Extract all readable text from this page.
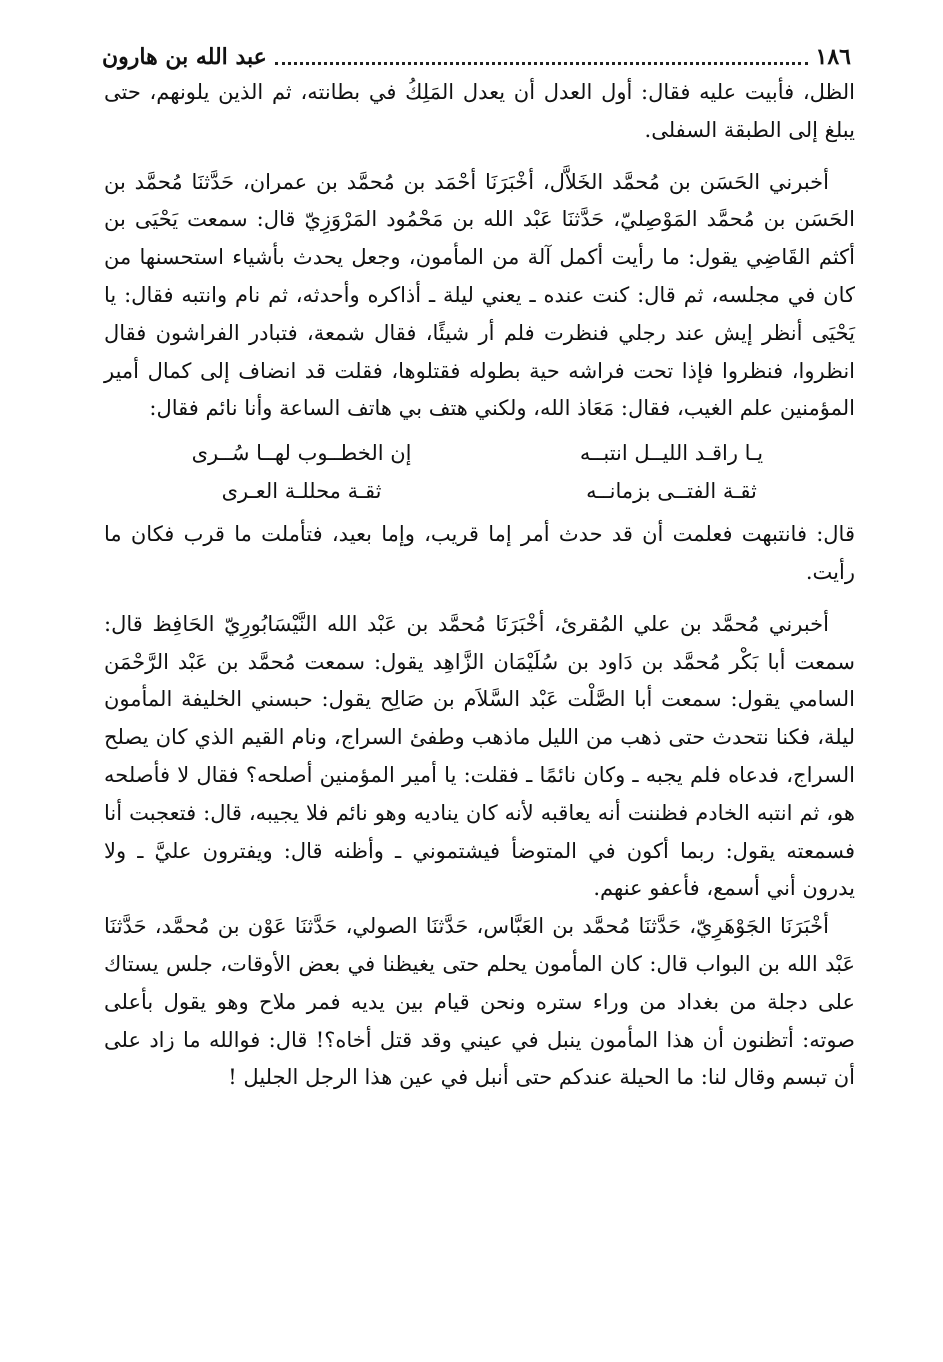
١٨٦
عبد الله بن هارون

الظل، فأبيت عليه فقال: أول العدل أن يعدل المَلِكُ في بطانته، ثم الذين يلونهم، حتى يبلغ إلى الطبقة السفلى.

أخبرني الحَسَن بن مُحمَّد الخَلاَّل، أخْبَرَنَا أحْمَد بن مُحمَّد بن عمران، حَدَّثنَا مُحمَّد بن الحَسَن بن مُحمَّد المَوْصِليّ، حَدَّثنَا عَبْد الله بن مَحْمُود المَرْوَزِيّ قال: سمعت يَحْيَى بن أكثم القَاضِي يقول: ما رأيت أكمل آلة من المأمون، وجعل يحدث بأشياء استحسنها من كان في مجلسه، ثم قال: كنت عنده ـ يعني ليلة ـ أذاكره وأحدثه، ثم نام وانتبه فقال: يا يَحْيَى أنظر إيش عند رجلي فنظرت فلم أر شيئًا، فقال شمعة، فتبادر الفراشون فقال انظروا، فنظروا فإذا تحت فراشه حية بطوله فقتلوها، فقلت قد انضاف إلى كمال أمير المؤمنين علم الغيب، فقال: مَعَاذ الله، ولكني هتف بي هاتف الساعة وأنا نائم فقال:

يـا راقـد الليــل انتبــه
إن الخطــوب لهــا سُــرى
ثقـة الفتــى بزمانــه
ثقـة محللـة العـرى

قال: فانتبهت فعلمت أن قد حدث أمر إما قريب، وإما بعيد، فتأملت ما قرب فكان ما رأيت.

أخبرني مُحمَّد بن علي المُقرئ، أخْبَرَنَا مُحمَّد بن عَبْد الله النَّيْسَابُورِيّ الحَافِظ قال: سمعت أبا بَكْر مُحمَّد بن دَاود بن سُلَيْمَان الزَّاهِد يقول: سمعت مُحمَّد بن عَبْد الرَّحْمَن السامي يقول: سمعت أبا الصَّلْت عَبْد السَّلاَم بن صَالِح يقول: حبسني الخليفة المأمون ليلة، فكنا نتحدث حتى ذهب من الليل ماذهب وطفئ السراج، ونام القيم الذي كان يصلح السراج، فدعاه فلم يجبه ـ وكان نائمًا ـ فقلت: يا أمير المؤمنين أصلحه؟ فقال لا فأصلحه هو، ثم انتبه الخادم فظننت أنه يعاقبه لأنه كان يناديه وهو نائم فلا يجيبه، قال: فتعجبت أنا فسمعته يقول: ربما أكون في المتوضأ فيشتموني ـ وأظنه قال: ويفترون عليَّ ـ ولا يدرون أني أسمع، فأعفو عنهم.

أخْبَرَنَا الجَوْهَرِيّ، حَدَّثنَا مُحمَّد بن العَبَّاس، حَدَّثنَا الصولي، حَدَّثنَا عَوْن بن مُحمَّد، حَدَّثنَا عَبْد الله بن البواب قال: كان المأمون يحلم حتى يغيظنا في بعض الأوقات، جلس يستاك على دجلة من بغداد من وراء ستره ونحن قيام بين يديه فمر ملاح وهو يقول بأعلى صوته: أتظنون أن هذا المأمون ينبل في عيني وقد قتل أخاه؟! قال: فوالله ما زاد على أن تبسم وقال لنا: ما الحيلة عندكم حتى أنبل في عين هذا الرجل الجليل !
